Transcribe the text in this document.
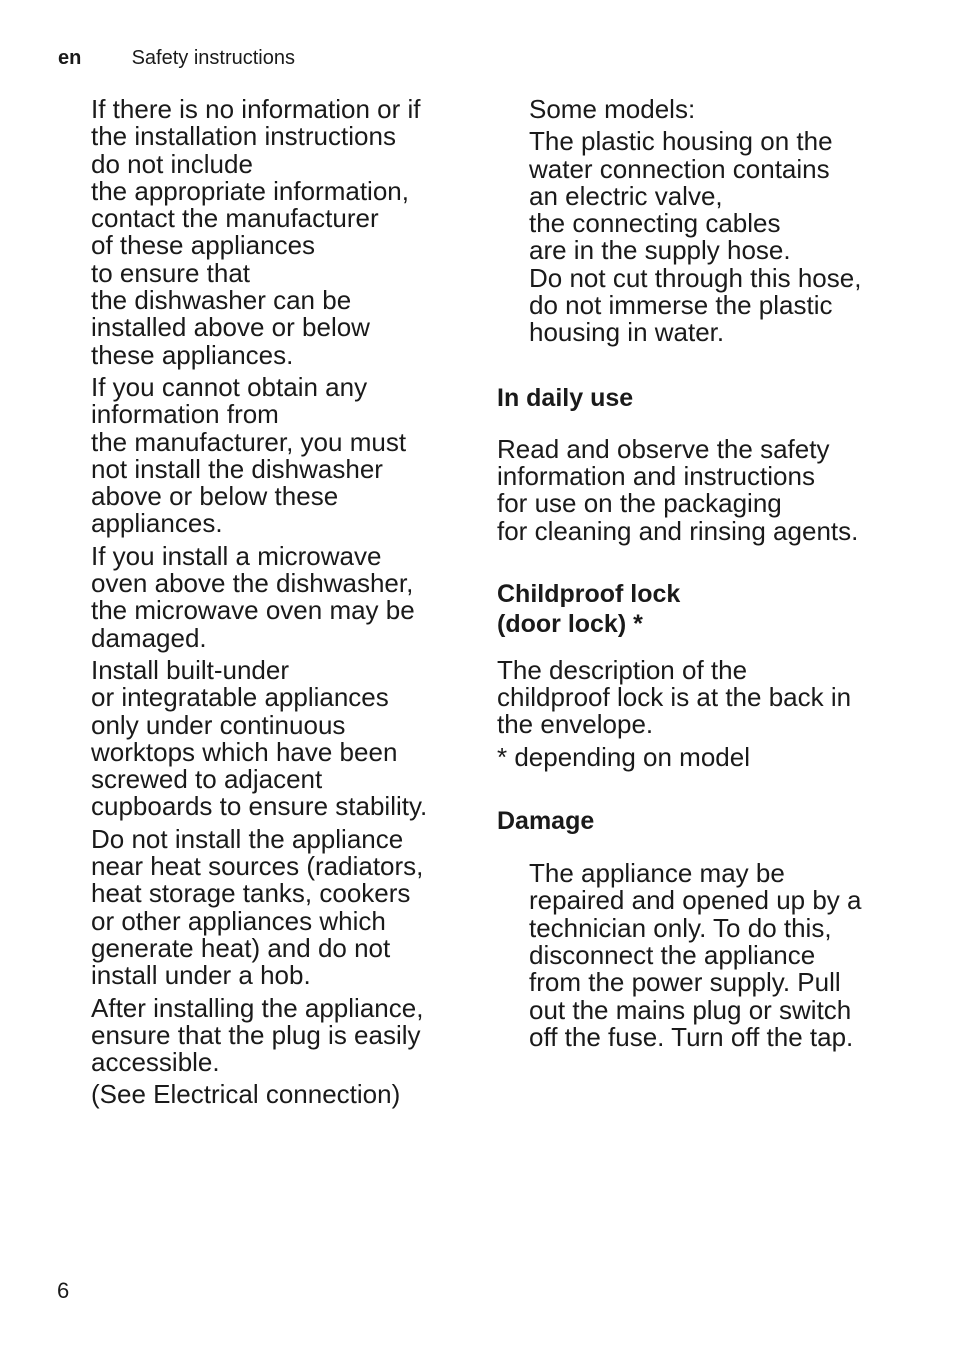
en	Safety instructions
If there is no information or if
the installation instructions
do not include
the appropriate information,
contact the manufacturer
of these appliances
to ensure that
the dishwasher can be
installed above or below
these appliances.
If you cannot obtain any
information from
the manufacturer, you must
not install the dishwasher
above or below these
appliances.
If you install a microwave
oven above the dishwasher,
the microwave oven may be
damaged.
Install built-under
or integratable appliances
only under continuous
worktops which have been
screwed to adjacent
cupboards to ensure stability.
Do not install the appliance
near heat sources (radiators,
heat storage tanks, cookers
or other appliances which
generate heat) and do not
install under a hob.
After installing the appliance,
ensure that the plug is easily
accessible.
(See Electrical connection)
Some models:
The plastic housing on the
water connection contains
an electric valve,
the connecting cables
are in the supply hose.
Do not cut through this hose,
do not immerse the plastic
housing in water.
In daily use
Read and observe the safety
information and instructions
for use on the packaging
for cleaning and rinsing agents.
Childproof lock
(door lock) *
The description of the
childproof lock is at the back in
the envelope.
* depending on model
Damage
The appliance may be
repaired and opened up by a
technician only. To do this,
disconnect the appliance
from the power supply. Pull
out the mains plug or switch
off the fuse. Turn off the tap.
6
